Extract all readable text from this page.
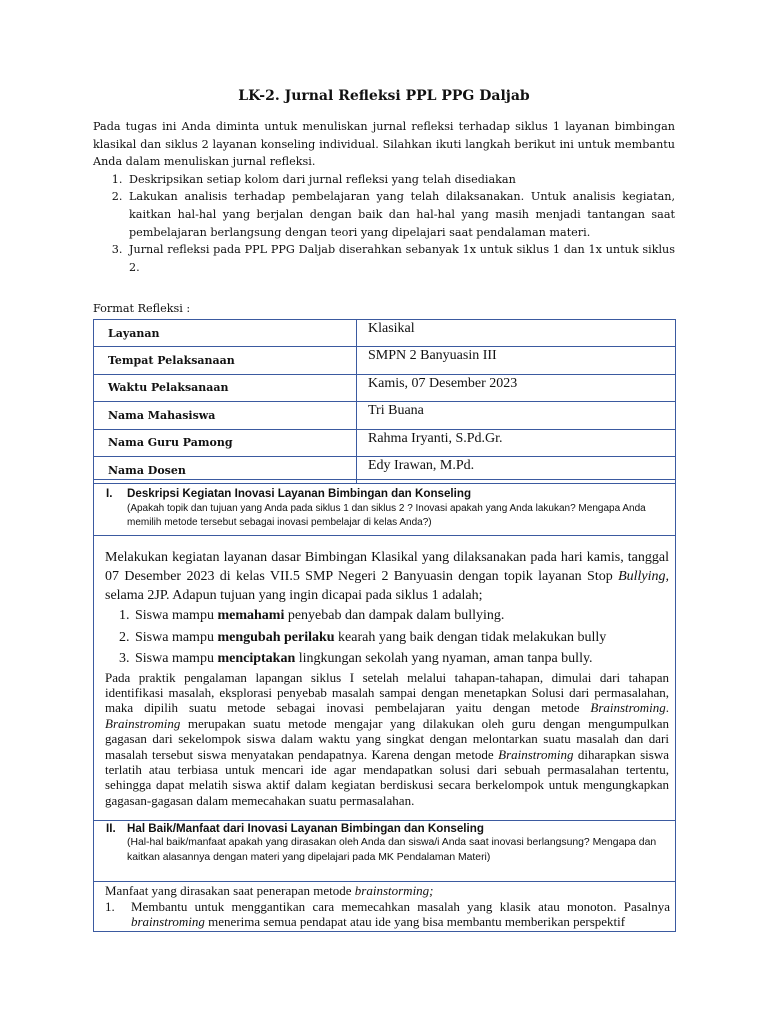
LK-2. Jurnal Refleksi PPL PPG Daljab

Pada tugas ini Anda diminta untuk menuliskan jurnal refleksi terhadap siklus 1 layanan bimbingan klasikal dan siklus 2 layanan konseling individual. Silahkan ikuti langkah berikut ini untuk membantu Anda dalam menuliskan jurnal refleksi.

1. Deskripsikan setiap kolom dari jurnal refleksi yang telah disediakan
2. Lakukan analisis terhadap pembelajaran yang telah dilaksanakan. Untuk analisis kegiatan, kaitkan hal-hal yang berjalan dengan baik dan hal-hal yang masih menjadi tantangan saat pembelajaran berlangsung dengan teori yang dipelajari saat pendalaman materi.
3. Jurnal refleksi pada PPL PPG Daljab diserahkan sebanyak 1x untuk siklus 1 dan 1x untuk siklus 2.
Format Refleksi :
Layanan	Klasikal
Tempat Pelaksanaan	SMPN 2 Banyuasin III
Waktu Pelaksanaan	Kamis, 07 Desember 2023
Nama Mahasiswa	Tri Buana
Nama Guru Pamong	Rahma Iryanti, S.Pd.Gr.
Nama Dosen	Edy Irawan, M.Pd.
I. Deskripsi Kegiatan Inovasi Layanan Bimbingan dan Konseling
(Apakah topik dan tujuan yang Anda pada siklus 1 dan siklus 2 ? Inovasi apakah yang Anda lakukan? Mengapa Anda memilih metode tersebut sebagai inovasi pembelajar di kelas Anda?)

Melakukan kegiatan layanan dasar Bimbingan Klasikal yang dilaksanakan pada hari kamis, tanggal 07 Desember 2023 di kelas VII.5 SMP Negeri 2 Banyuasin dengan topik layanan Stop Bullying, selama 2JP. Adapun tujuan yang ingin dicapai pada siklus 1 adalah;

1. Siswa mampu memahami penyebab dan dampak dalam bullying.
2. Siswa mampu mengubah perilaku kearah yang baik dengan tidak melakukan bully
3. Siswa mampu menciptakan lingkungan sekolah yang nyaman, aman tanpa bully.

Pada praktik pengalaman lapangan siklus I setelah melalui tahapan-tahapan, dimulai dari tahapan identifikasi masalah, eksplorasi penyebab masalah sampai dengan menetapkan Solusi dari permasalahan, maka dipilih suatu metode sebagai inovasi pembelajaran yaitu dengan metode Brainstroming. Brainstroming merupakan suatu metode mengajar yang dilakukan oleh guru dengan mengumpulkan gagasan dari sekelompok siswa dalam waktu yang singkat dengan melontarkan suatu masalah dan dari masalah tersebut siswa menyatakan pendapatnya. Karena dengan metode Brainstroming diharapkan siswa terlatih atau terbiasa untuk mencari ide agar mendapatkan solusi dari sebuah permasalahan tertentu, sehingga dapat melatih siswa aktif dalam kegiatan berdiskusi secara berkelompok untuk mengungkapkan gagasan-gagasan dalam memecahakan suatu permasalahan.

II. Hal Baik/Manfaat dari Inovasi Layanan Bimbingan dan Konseling
(Hal-hal baik/manfaat apakah yang dirasakan oleh Anda dan siswa/i Anda saat inovasi berlangsung? Mengapa dan kaitkan alasannya dengan materi yang dipelajari pada MK Pendalaman Materi)

Manfaat yang dirasakan saat penerapan metode brainstorming;

1.	Membantu untuk menggantikan cara memecahkan masalah yang klasik atau monoton. Pasalnya brainstroming menerima semua pendapat atau ide yang bisa membantu memberikan perspektif
